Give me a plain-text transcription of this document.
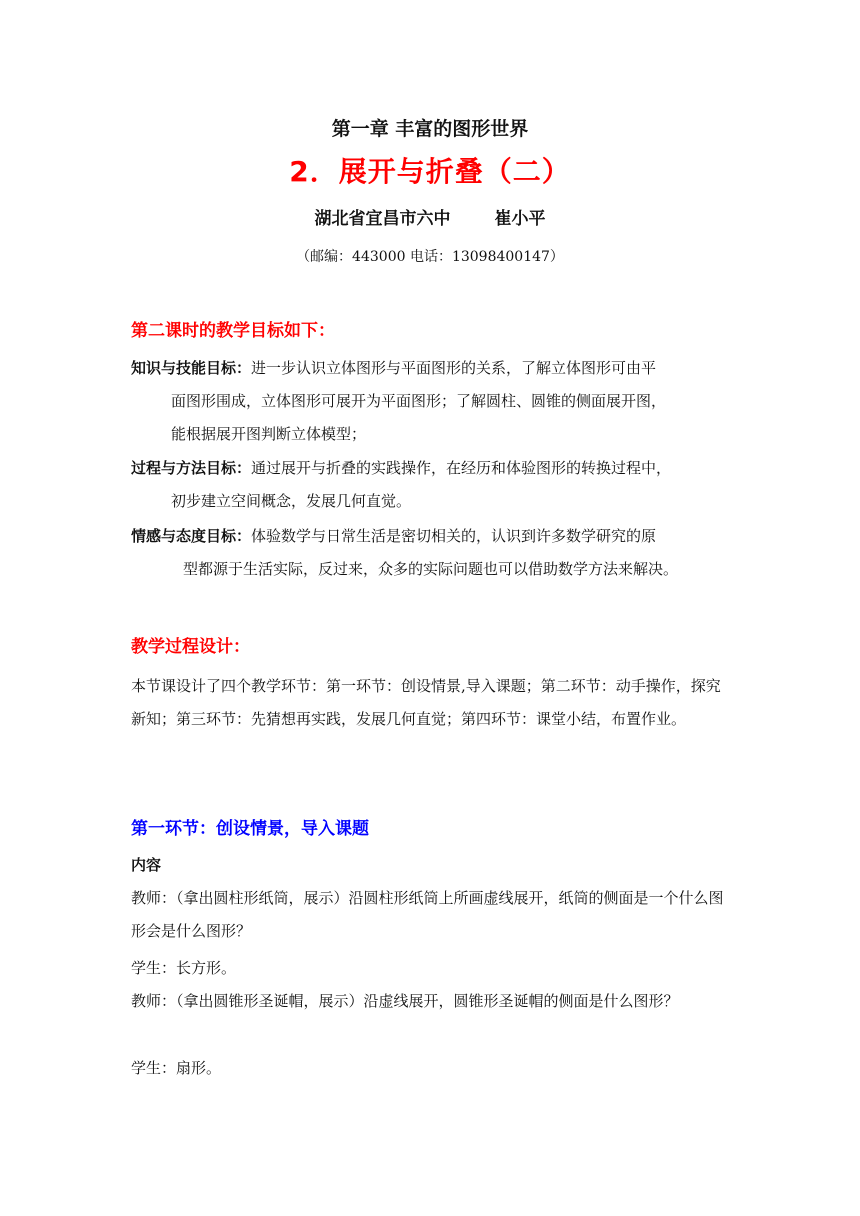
第一章 丰富的图形世界
2．展开与折叠（二）
湖北省宜昌市六中	崔小平
（邮编：443000 电话：13098400147）
第二课时的教学目标如下：
知识与技能目标：进一步认识立体图形与平面图形的关系，了解立体图形可由平
面图形围成，立体图形可展开为平面图形；了解圆柱、圆锥的侧面展开图，
能根据展开图判断立体模型；
过程与方法目标：通过展开与折叠的实践操作，在经历和体验图形的转换过程中，
初步建立空间概念，发展几何直觉。
情感与态度目标：体验数学与日常生活是密切相关的，认识到许多数学研究的原
型都源于生活实际，反过来，众多的实际问题也可以借助数学方法来解决。
教学过程设计：
本节课设计了四个教学环节：第一环节：创设情景,导入课题；第二环节：动手操作，探究新知；第三环节：先猜想再实践，发展几何直觉；第四环节：课堂小结，布置作业。
第一环节：创设情景，导入课题
内容
教师：（拿出圆柱形纸筒，展示）沿圆柱形纸筒上所画虚线展开，纸筒的侧面是一个什么图形会是什么图形？
学生：长方形。
教师：（拿出圆锥形圣诞帽，展示）沿虚线展开，圆锥形圣诞帽的侧面是什么图形？
学生：扇形。
